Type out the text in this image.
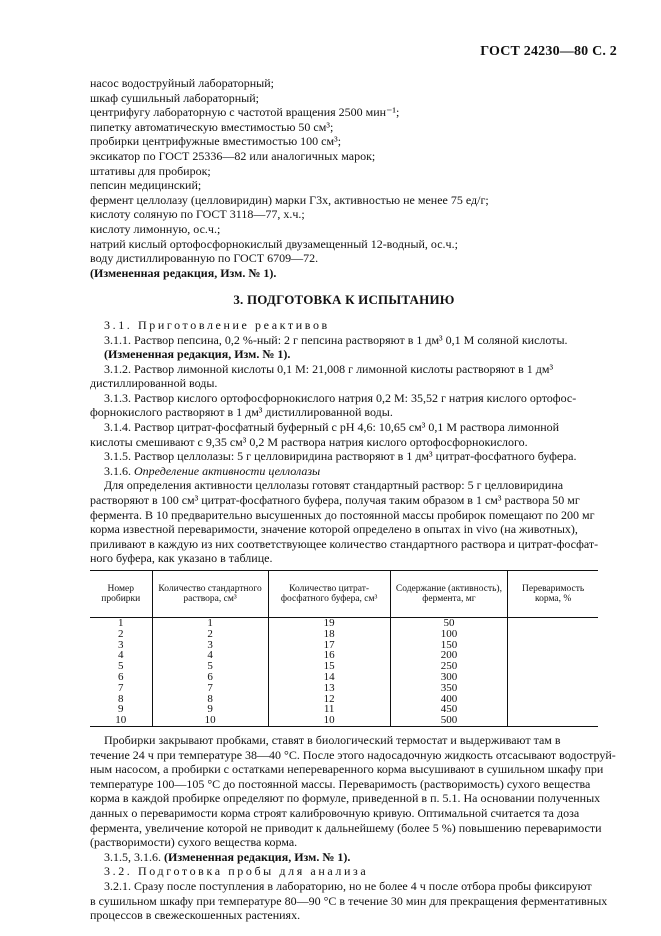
ГОСТ 24230—80 С. 2
насос водоструйный лабораторный;
шкаф сушильный лабораторный;
центрифугу лабораторную с частотой вращения 2500 мин⁻¹;
пипетку автоматическую вместимостью 50 см³;
пробирки центрифужные вместимостью 100 см³;
эксикатор по ГОСТ 25336—82 или аналогичных марок;
штативы для пробирок;
пепсин медицинский;
фермент целлолазу (целловиридин) марки Г3х, активностью не менее 75 ед/г;
кислоту соляную по ГОСТ 3118—77, х.ч.;
кислоту лимонную, ос.ч.;
натрий кислый ортофосфорнокислый двузамещенный 12-водный, ос.ч.;
воду дистиллированную по ГОСТ 6709—72.
(Измененная редакция, Изм. № 1).
3. ПОДГОТОВКА К ИСПЫТАНИЮ
3.1. Приготовление реактивов
3.1.1. Раствор пепсина, 0,2 %-ный: 2 г пепсина растворяют в 1 дм³ 0,1 М соляной кислоты.
(Измененная редакция, Изм. № 1).
3.1.2. Раствор лимонной кислоты 0,1 М: 21,008 г лимонной кислоты растворяют в 1 дм³
дистиллированной воды.
3.1.3. Раствор кислого ортофосфорнокислого натрия 0,2 М: 35,52 г натрия кислого ортофос-
форнокислого растворяют в 1 дм³ дистиллированной воды.
3.1.4. Раствор цитрат-фосфатный буферный с рН 4,6: 10,65 см³ 0,1 М раствора лимонной
кислоты смешивают с 9,35 см³ 0,2 М раствора натрия кислого ортофосфорнокислого.
3.1.5. Раствор целлолазы: 5 г целловиридина растворяют в 1 дм³ цитрат-фосфатного буфера.
3.1.6. Определение активности целлолазы
Для определения активности целлолазы готовят стандартный раствор: 5 г целловиридина
растворяют в 100 см³ цитрат-фосфатного буфера, получая таким образом в 1 см³ раствора 50 мг
фермента. В 10 предварительно высушенных до постоянной массы пробирок помещают по 200 мг
корма известной переваримости, значение которой определено в опытах in vivo (на животных),
приливают в каждую из них соответствующее количество стандартного раствора и цитрат-фосфат-
ного буфера, как указано в таблице.
Номер пробирки	Количество стандартного раствора, см³	Количество цитрат-фосфатного буфера, см³	Содержание (активность), фермента, мг	Переваримость корма, %
1	1	19	50	
2	2	18	100	
3	3	17	150	
4	4	16	200	
5	5	15	250	
6	6	14	300	
7	7	13	350	
8	8	12	400	
9	9	11	450	
10	10	10	500	
Пробирки закрывают пробками, ставят в биологический термостат и выдерживают там в
течение 24 ч при температуре 38—40 °С. После этого надосадочную жидкость отсасывают водоструй-
ным насосом, а пробирки с остатками непереваренного корма высушивают в сушильном шкафу при
температуре 100—105 °С до постоянной массы. Переваримость (растворимость) сухого вещества
корма в каждой пробирке определяют по формуле, приведенной в п. 5.1. На основании полученных
данных о переваримости корма строят калибровочную кривую. Оптимальной считается та доза
фермента, увеличение которой не приводит к дальнейшему (более 5 %) повышению переваримости
(растворимости) сухого вещества корма.
3.1.5, 3.1.6. (Измененная редакция, Изм. № 1).
3.2. Подготовка пробы для анализа
3.2.1. Сразу после поступления в лабораторию, но не более 4 ч после отбора пробы фиксируют
в сушильном шкафу при температуре 80—90 °С в течение 30 мин для прекращения ферментативных
процессов в свежескошенных растениях.
